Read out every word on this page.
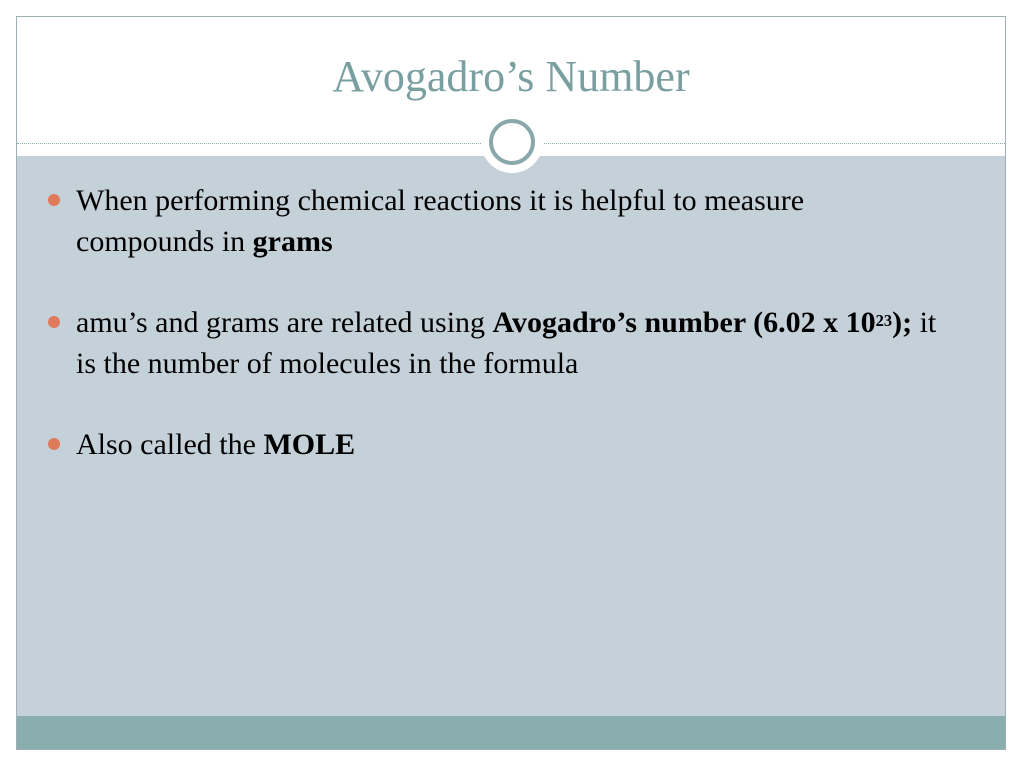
Avogadro’s Number
When performing chemical reactions it is helpful to measure compounds in grams
amu’s and grams are related using Avogadro’s number (6.02 x $10^{23}$); it is the number of molecules in the formula
Also called the MOLE
